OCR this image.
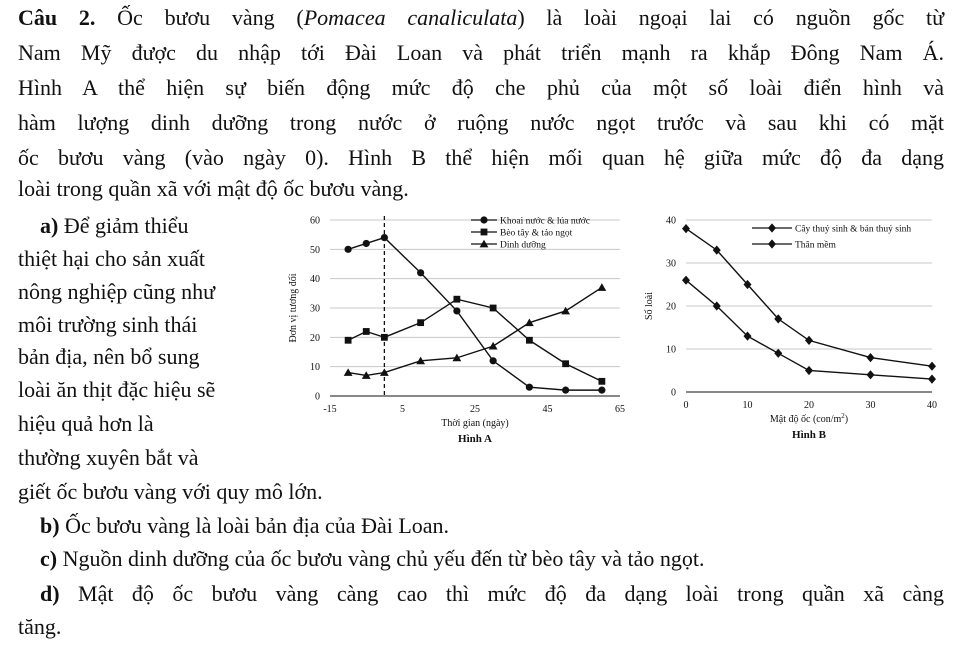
Câu 2. Ốc bươu vàng (Pomacea canaliculata) là loài ngoại lai có nguồn gốc từ
Nam Mỹ được du nhập tới Đài Loan và phát triển mạnh ra khắp Đông Nam Á.
Hình A thể hiện sự biến động mức độ che phủ của một số loài điển hình và
hàm lượng dinh dưỡng trong nước ở ruộng nước ngọt trước và sau khi có mặt
ốc bươu vàng (vào ngày 0). Hình B thể hiện mối quan hệ giữa mức độ đa dạng
loài trong quần xã với mật độ ốc bươu vàng.
a) Để giảm thiểu
thiệt hại cho sản xuất
nông nghiệp cũng như
môi trường sinh thái
bản địa, nên bổ sung
loài ăn thịt đặc hiệu sẽ
hiệu quả hơn là
thường xuyên bắt và
giết ốc bươu vàng với quy mô lớn.
b) Ốc bươu vàng là loài bản địa của Đài Loan.
c) Nguồn dinh dưỡng của ốc bươu vàng chủ yếu đến từ bèo tây và tảo ngọt.
d) Mật độ ốc bươu vàng càng cao thì mức độ đa dạng loài trong quần xã càng
tăng.
0
10
20
30
40
50
60
-15	5	25	45	65
Thời gian (ngày)
Đơn vị tương đối
Hình A
Khoai nước & lúa nước
Bèo tây & tảo ngọt
Dinh dưỡng
0
10
20
30
40
0	10	20	30	40
Mật độ ốc $(con/m^2)$
Số loài
Hình B
Cây thuỷ sinh & bán thuỷ sinh
Thân mềm
